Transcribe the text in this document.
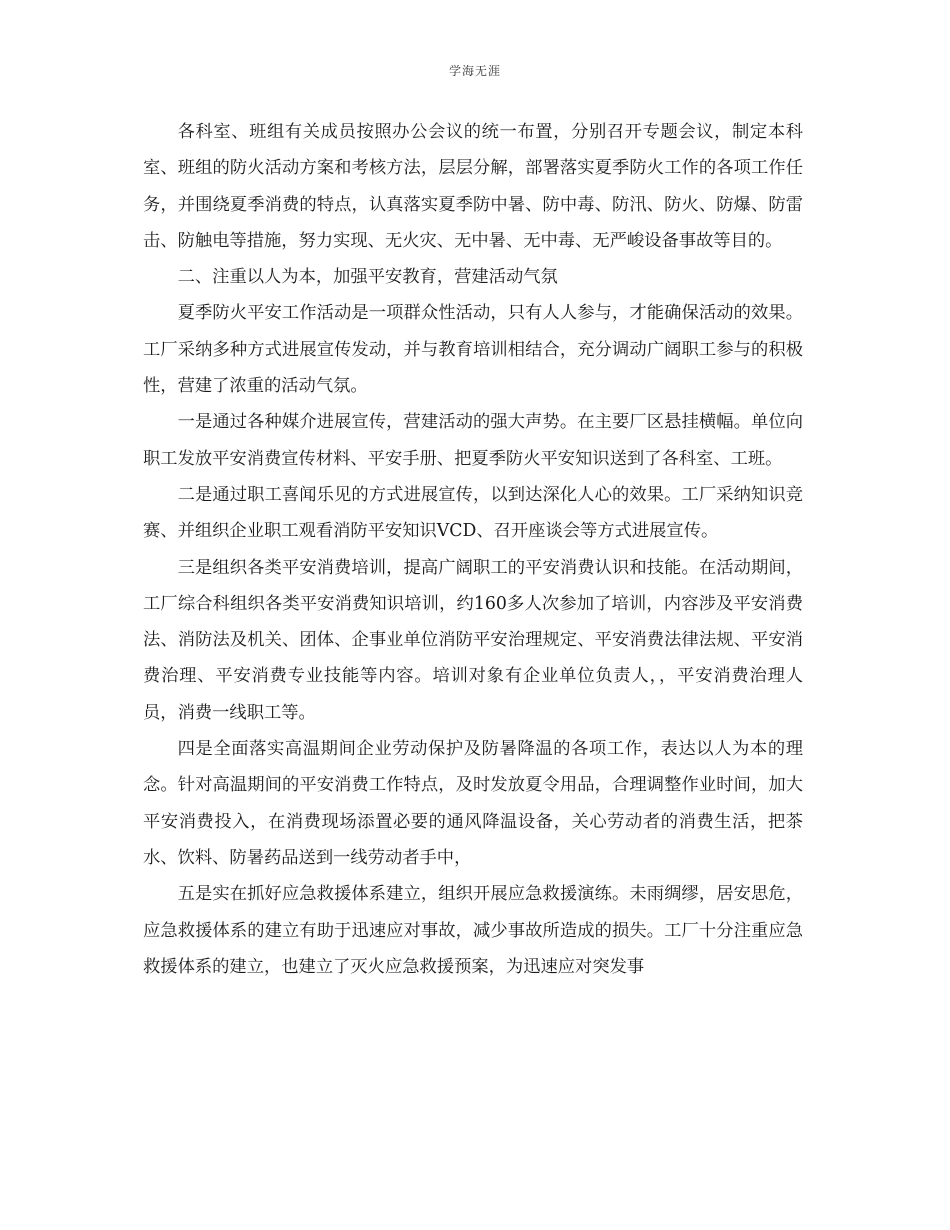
学海无涯

各科室、班组有关成员按照办公会议的统一布置，分别召开专题会议，制定本科室、班组的防火活动方案和考核方法，层层分解，部署落实夏季防火工作的各项工作任务，并围绕夏季消费的特点，认真落实夏季防中暑、防中毒、防汛、防火、防爆、防雷击、防触电等措施，努力实现、无火灾、无中暑、无中毒、无严峻设备事故等目的。

二、注重以人为本，加强平安教育，营建活动气氛

夏季防火平安工作活动是一项群众性活动，只有人人参与，才能确保活动的效果。工厂采纳多种方式进展宣传发动，并与教育培训相结合，充分调动广阔职工参与的积极性，营建了浓重的活动气氛。

一是通过各种媒介进展宣传，营建活动的强大声势。在主要厂区悬挂横幅。单位向职工发放平安消费宣传材料、平安手册、把夏季防火平安知识送到了各科室、工班。

二是通过职工喜闻乐见的方式进展宣传，以到达深化人心的效果。工厂采纳知识竞赛、并组织企业职工观看消防平安知识VCD、召开座谈会等方式进展宣传。

三是组织各类平安消费培训，提高广阔职工的平安消费认识和技能。在活动期间，工厂综合科组织各类平安消费知识培训，约160多人次参加了培训，内容涉及平安消费法、消防法及机关、团体、企事业单位消防平安治理规定、平安消费法律法规、平安消费治理、平安消费专业技能等内容。培训对象有企业单位负责人，，平安消费治理人员，消费一线职工等。

四是全面落实高温期间企业劳动保护及防暑降温的各项工作，表达以人为本的理念。针对高温期间的平安消费工作特点，及时发放夏令用品，合理调整作业时间，加大平安消费投入，在消费现场添置必要的通风降温设备，关心劳动者的消费生活，把茶水、饮料、防暑药品送到一线劳动者手中，

五是实在抓好应急救援体系建立，组织开展应急救援演练。未雨绸缪，居安思危，应急救援体系的建立有助于迅速应对事故，减少事故所造成的损失。工厂十分注重应急救援体系的建立，也建立了灭火应急救援预案，为迅速应对突发事
